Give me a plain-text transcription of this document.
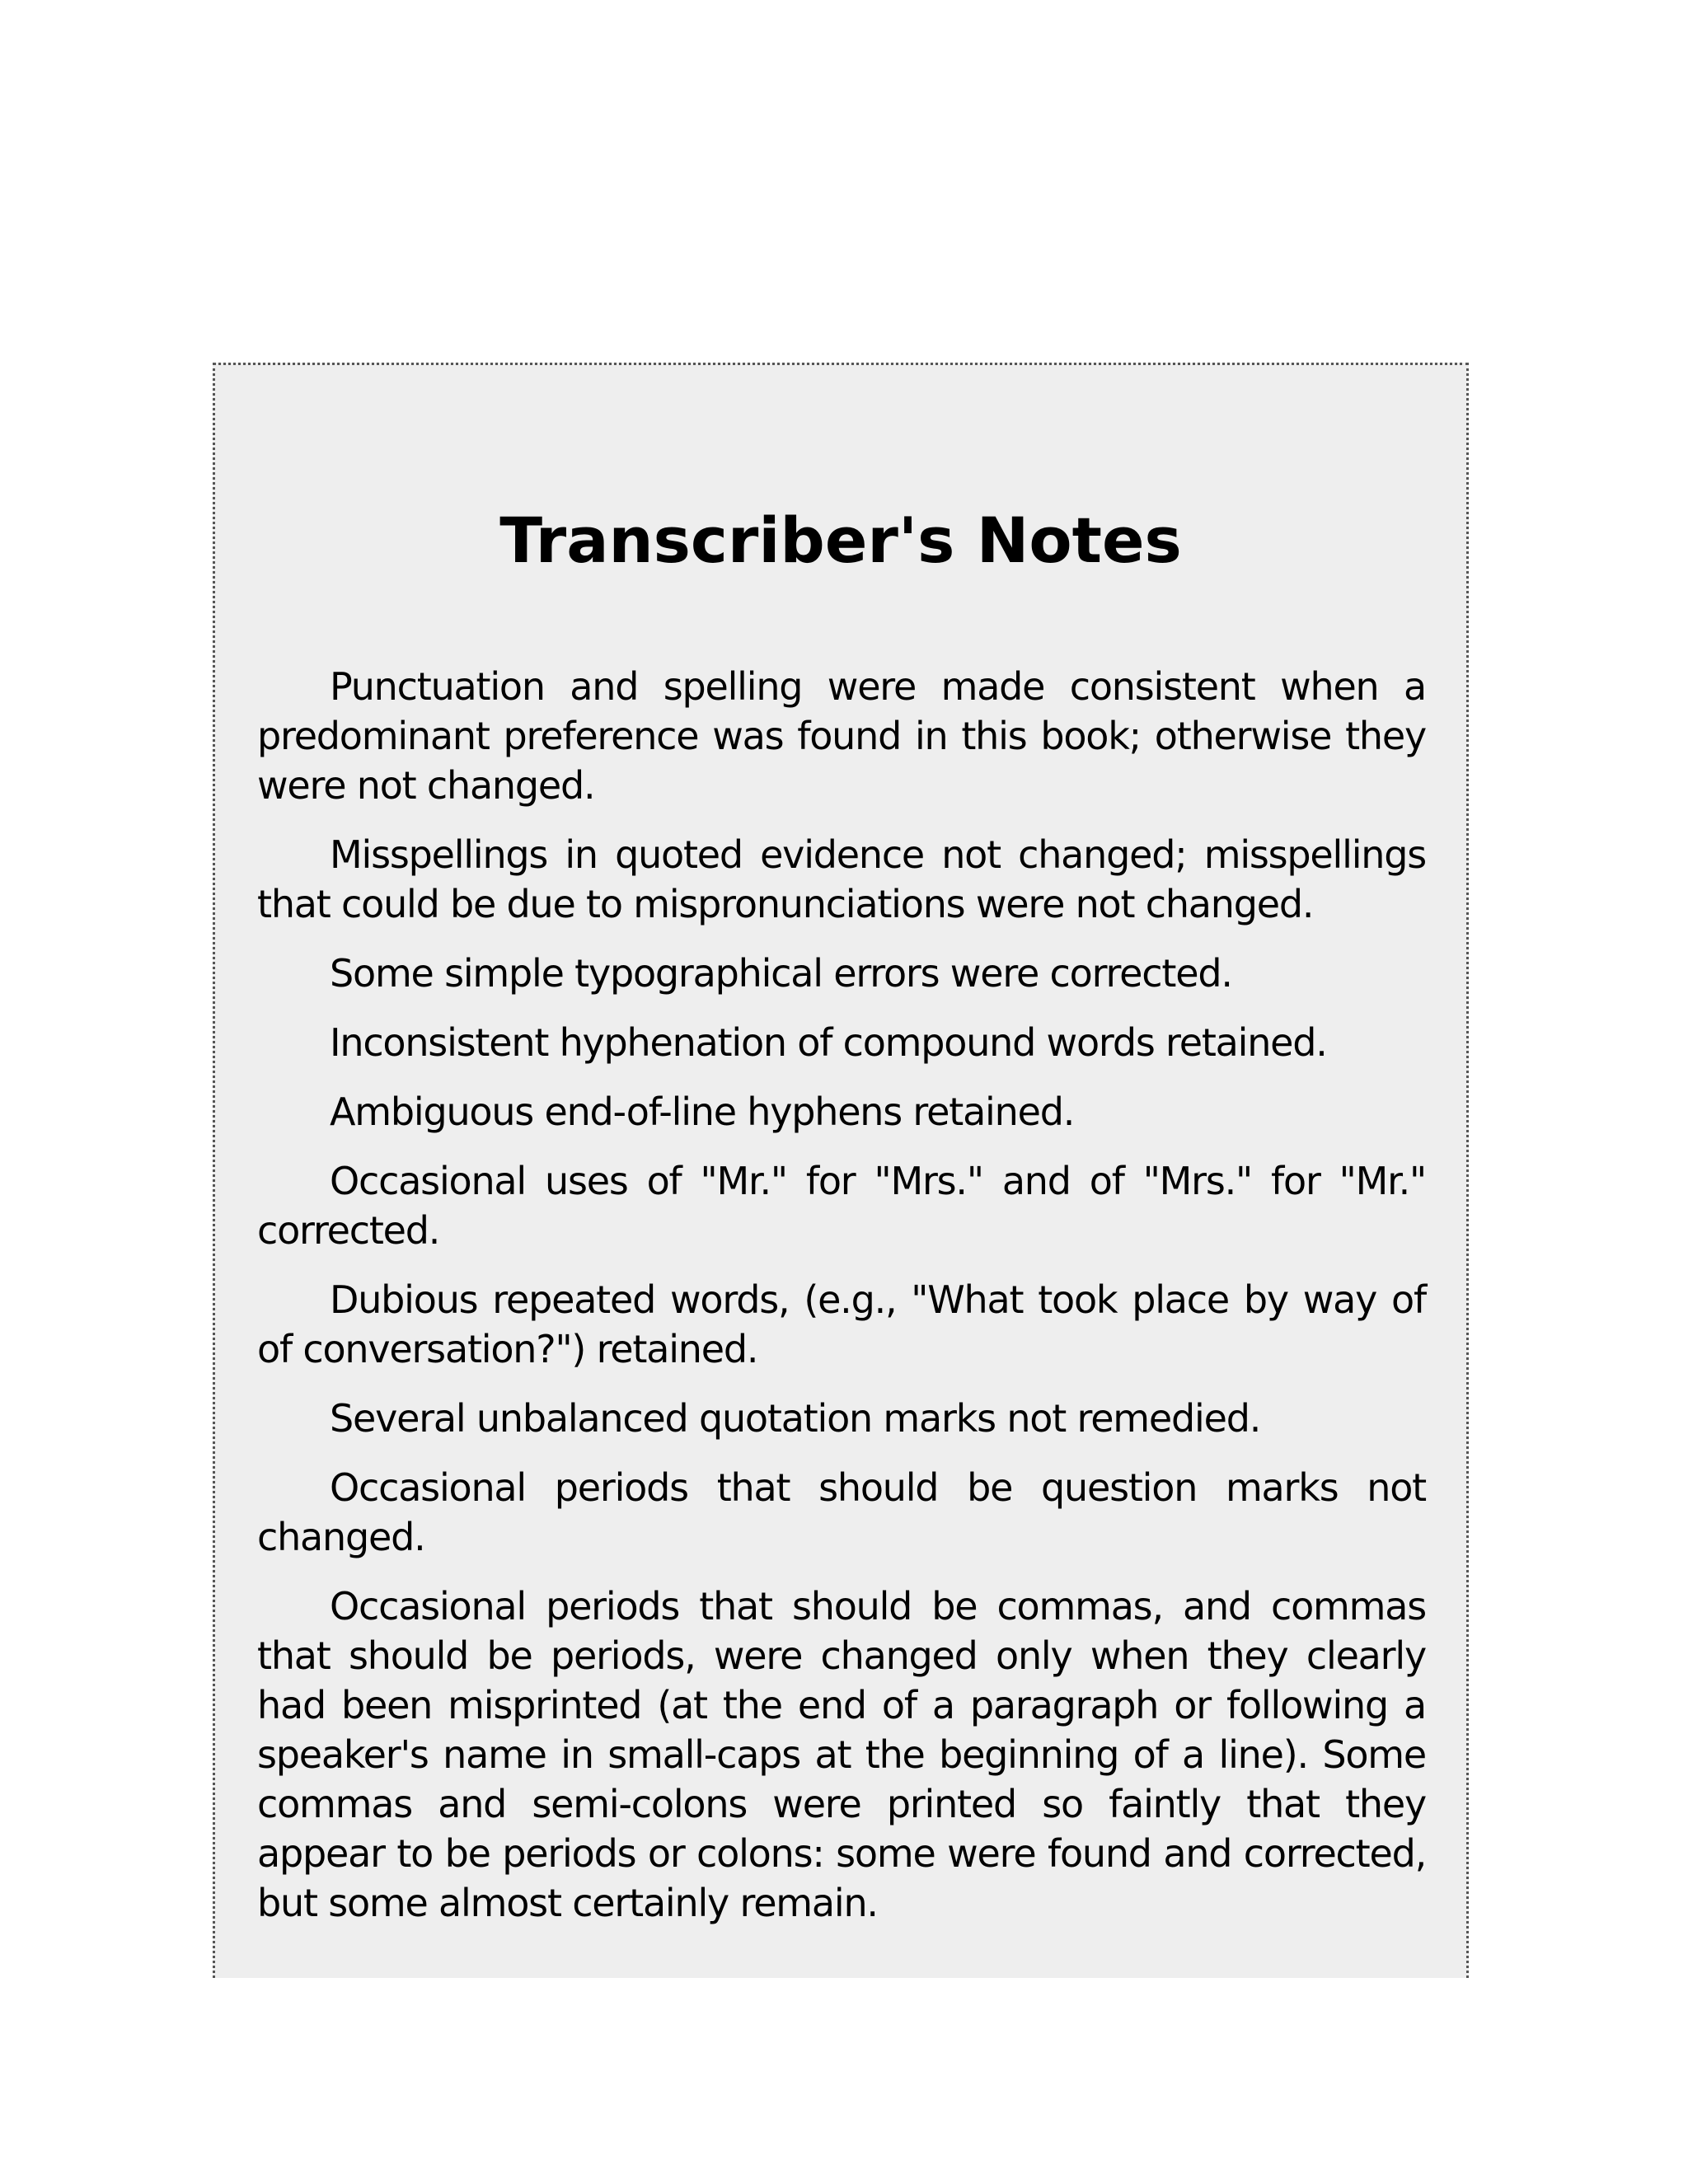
Transcriber's Notes

Punctuation and spelling were made consistent when a predominant preference was found in this book; otherwise they were not changed.

Misspellings in quoted evidence not changed; misspellings that could be due to mispronunciations were not changed.

Some simple typographical errors were corrected.

Inconsistent hyphenation of compound words retained.

Ambiguous end-of-line hyphens retained.

Occasional uses of "Mr." for "Mrs." and of "Mrs." for "Mr." corrected.

Dubious repeated words, (e.g., "What took place by way of of conversation?") retained.

Several unbalanced quotation marks not remedied.

Occasional periods that should be question marks not changed.

Occasional periods that should be commas, and commas that should be periods, were changed only when they clearly had been misprinted (at the end of a paragraph or following a speaker's name in small-caps at the beginning of a line). Some commas and semi-colons were printed so faintly that they appear to be periods or colons: some were found and corrected, but some almost certainly remain.
